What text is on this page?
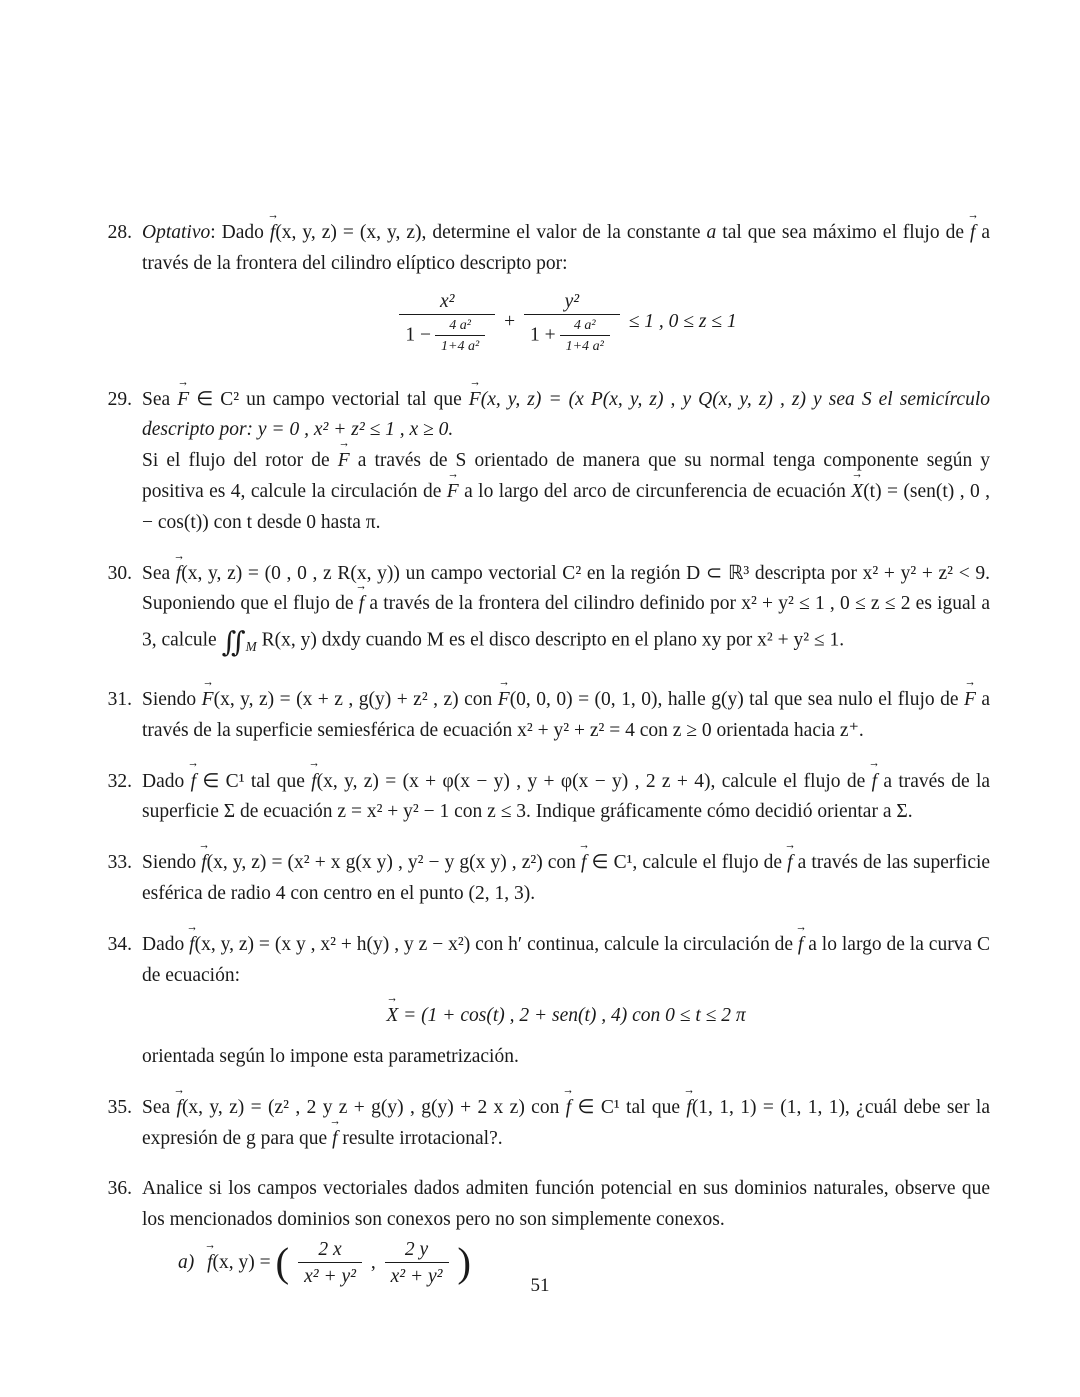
28. Optativo: Dado f →(x, y, z) = (x, y, z), determine el valor de la constante a tal que sea máximo el flujo de f → a través de la frontera del cilindro elíptico descripto por:
$\frac{\text{x²}}{1 - \frac{\text{4 a²}}{\text{1+4 a²}}} + \frac{\text{y²}}{1 + \frac{\text{4 a²}}{\text{1+4 a²}}} \le 1$ , 0 ≤ z ≤ 1
29. Sea F → ∈ C² un campo vectorial tal que F →(x, y, z) = (x P(x, y, z) , y Q(x, y, z) , z) y sea S el semicírculo descripto por: y = 0 , x² + z² ≤ 1 , x ≥ 0.
Si el flujo del rotor de F → a través de S orientado de manera que su normal tenga componente según y positiva es 4, calcule la circulación de F → a lo largo del arco de circunferencia de ecuación X →(t) = (sen(t) , 0 , − cos(t)) con t desde 0 hasta π.
30. Sea f →(x, y, z) = (0 , 0 , z R(x, y)) un campo vectorial C² en la región D ⊂ ℝ³ descripta por x² + y² + z² < 9. Suponiendo que el flujo de f → a través de la frontera del cilindro definido por x² + y² ≤ 1 , 0 ≤ z ≤ 2 es igual a 3, calcule $∬_M$ R(x, y) dxdy cuando M es el disco descripto en el plano xy por x² + y² ≤ 1.
31. Siendo F →(x, y, z) = (x + z , g(y) + z² , z) con F →(0, 0, 0) = (0, 1, 0), halle g(y) tal que sea nulo el flujo de F → a través de la superficie semiesférica de ecuación x² + y² + z² = 4 con z ≥ 0 orientada hacia z⁺.
32. Dado f → ∈ C¹ tal que f →(x, y, z) = (x + φ(x − y) , y + φ(x − y) , 2 z + 4), calcule el flujo de f → a través de la superficie Σ de ecuación z = x² + y² − 1 con z ≤ 3. Indique gráficamente cómo decidió orientar a Σ.
33. Siendo f →(x, y, z) = (x² + x g(x y) , y² − y g(x y) , z²) con f → ∈ C¹, calcule el flujo de f → a través de las superficie esférica de radio 4 con centro en el punto (2, 1, 3).
34. Dado f →(x, y, z) = (x y , x² + h(y) , y z − x²) con h′ continua, calcule la circulación de f → a lo largo de la curva C de ecuación:
X → = (1 + cos(t) , 2 + sen(t) , 4) con 0 ≤ t ≤ 2 π
orientada según lo impone esta parametrización.
35. Sea f →(x, y, z) = (z² , 2 y z + g(y) , g(y) + 2 x z) con f → ∈ C¹ tal que f →(1, 1, 1) = (1, 1, 1), ¿cuál debe ser la expresión de g para que f → resulte irrotacional?.
36. Analice si los campos vectoriales dados admiten función potencial en sus dominios naturales, observe que los mencionados dominios son conexos pero no son simplemente conexos.
a) f →(x, y) = ( $\frac{2 x}{\text{x² + y²}}$ , $\frac{2 y}{\text{x² + y²}}$ )
51
